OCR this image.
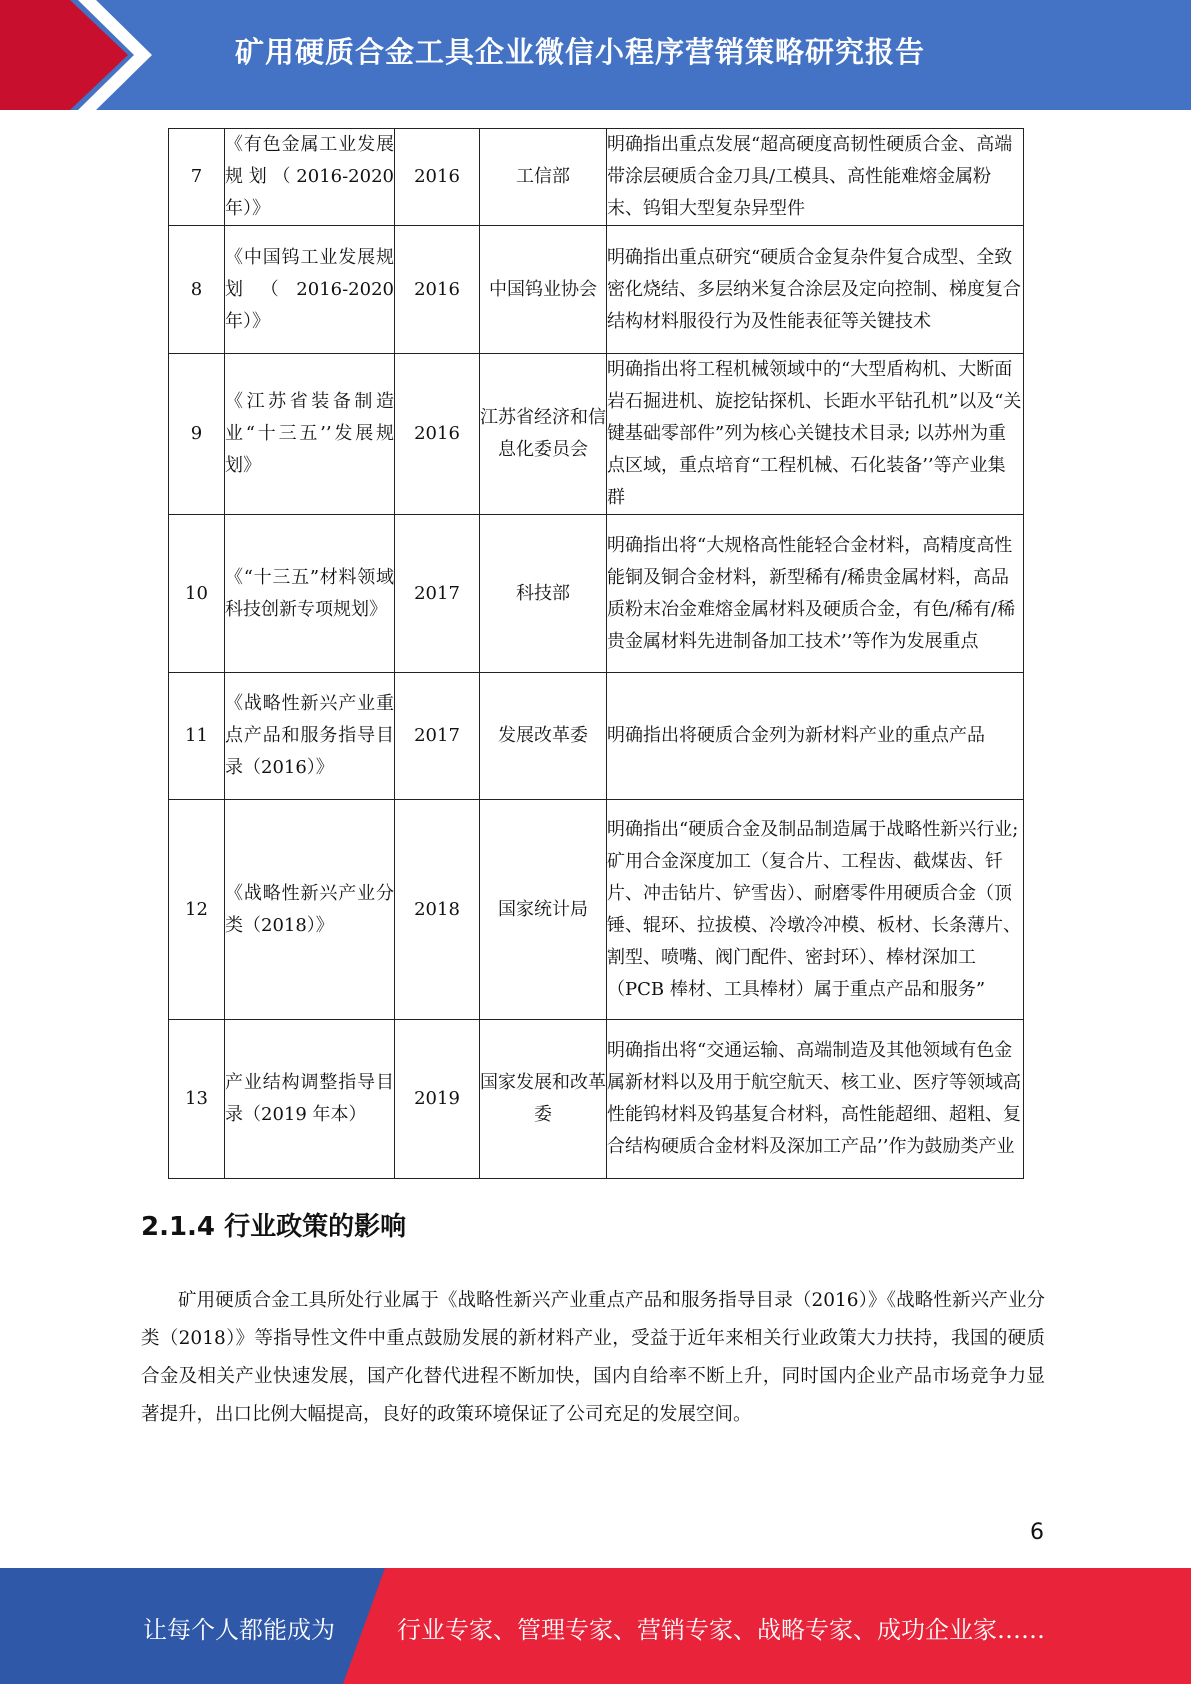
矿用硬质合金工具企业微信小程序营销策略研究报告
7	《有色金属工业发展规划（2016-2020 年）》	2016	工信部	明确指出重点发展“超高硬度高韧性硬质合金、高端带涂层硬质合金刀具/工模具、高性能难熔金属粉末、钨钼大型复杂异型件
8	《中国钨工业发展规划（2016-2020 年）》	2016	中国钨业协会	明确指出重点研究“硬质合金复杂件复合成型、全致密化烧结、多层纳米复合涂层及定向控制、梯度复合结构材料服役行为及性能表征等关键技术
9	《江苏省装备制造业“十三五’’发展规划》	2016	江苏省经济和信息化委员会	明确指出将工程机械领域中的“大型盾构机、大断面岩石掘进机、旋挖钻探机、长距水平钻孔机”以及“关键基础零部件”列为核心关键技术目录; 以苏州为重点区域，重点培育“工程机械、石化装备’’等产业集群
10	《“十三五”材料领域科技创新专项规划》	2017	科技部	明确指出将“大规格高性能轻合金材料，高精度高性能铜及铜合金材料，新型稀有/稀贵金属材料，高品质粉末冶金难熔金属材料及硬质合金，有色/稀有/稀贵金属材料先进制备加工技术’’等作为发展重点
11	《战略性新兴产业重点产品和服务指导目录（2016）》	2017	发展改革委	明确指出将硬质合金列为新材料产业的重点产品
12	《战略性新兴产业分类（2018）》	2018	国家统计局	明确指出“硬质合金及制品制造属于战略性新兴行业; 矿用合金深度加工（复合片、工程齿、截煤齿、钎片、冲击钻片、铲雪齿）、耐磨零件用硬质合金（顶锤、辊环、拉拔模、冷墩冷冲模、板材、长条薄片、割型、喷嘴、阀门配件、密封环）、棒材深加工（PCB 棒材、工具棒材）属于重点产品和服务”
13	产业结构调整指导目录（2019 年本）	2019	国家发展和改革委	明确指出将“交通运输、高端制造及其他领域有色金属新材料以及用于航空航天、核工业、医疗等领域高性能钨材料及钨基复合材料，高性能超细、超粗、复合结构硬质合金材料及深加工产品’’作为鼓励类产业
2.1.4 行业政策的影响

矿用硬质合金工具所处行业属于《战略性新兴产业重点产品和服务指导目录（2016）》《战略性新兴产业分类（2018）》等指导性文件中重点鼓励发展的新材料产业，受益于近年来相关行业政策大力扶持，我国的硬质合金及相关产业快速发展，国产化替代进程不断加快，国内自给率不断上升，同时国内企业产品市场竞争力显著提升，出口比例大幅提高，良好的政策环境保证了公司充足的发展空间。

6
让每个人都能成为	行业专家、管理专家、营销专家、战略专家、成功企业家……
